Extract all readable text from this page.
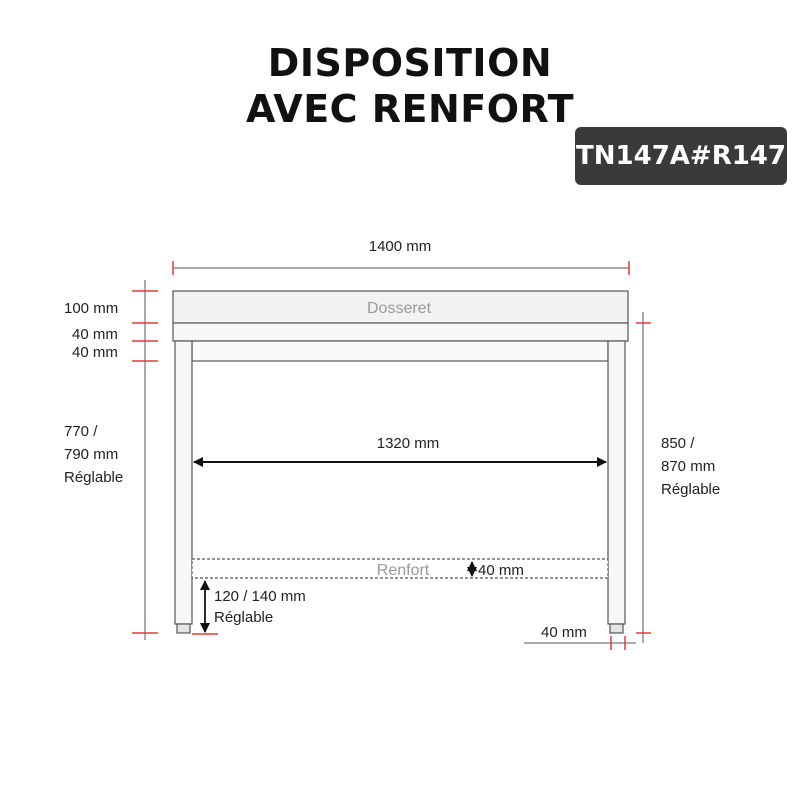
DISPOSITION
AVEC RENFORT
TN147A#R147
Dosseret
Renfort
1400 mm
1320 mm
100 mm
40 mm
40 mm
770 /
790 mm
Réglable
850 /
870 mm
Réglable
40 mm
120 / 140 mm
Réglable
40 mm
